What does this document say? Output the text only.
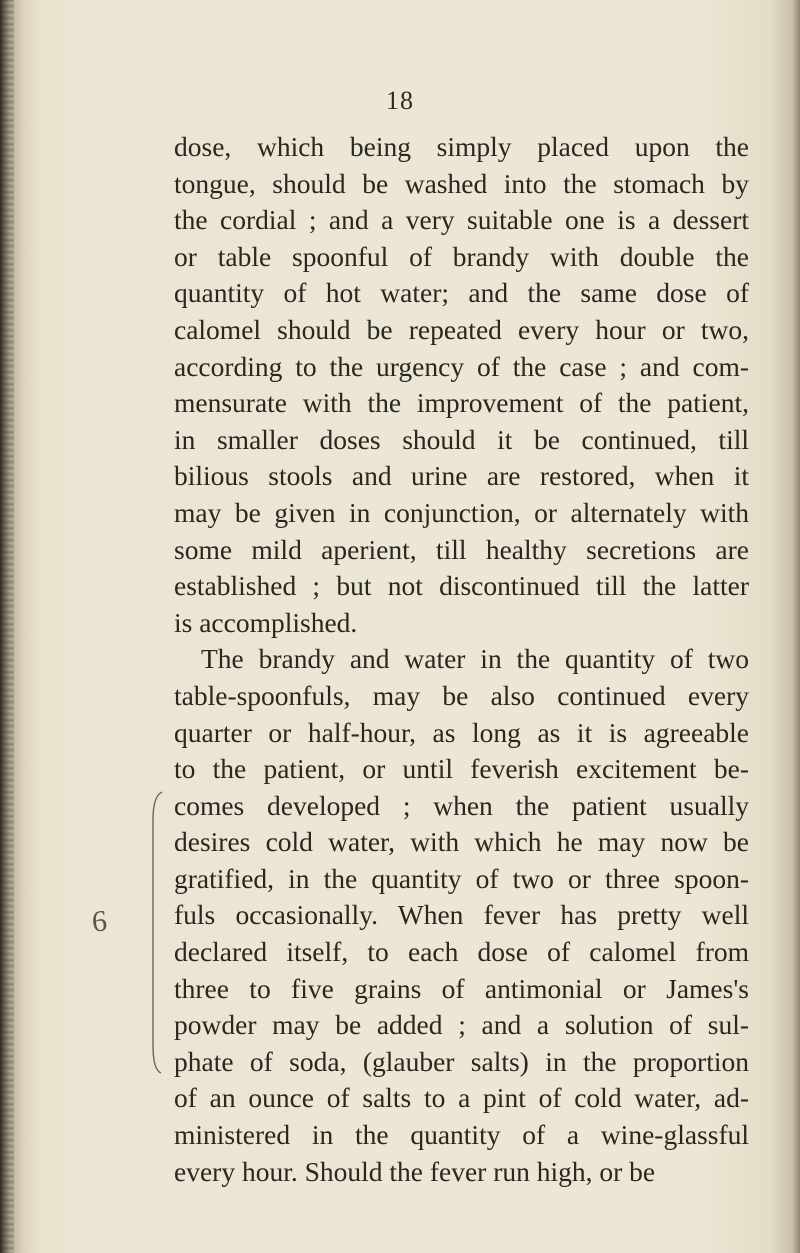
18
dose, which being simply placed upon the
tongue, should be washed into the stomach by
the cordial ; and a very suitable one is a dessert
or table spoonful of brandy with double the
quantity of hot water; and the same dose of
calomel should be repeated every hour or two,
according to the urgency of the case ; and com-
mensurate with the improvement of the patient,
in smaller doses should it be continued, till
bilious stools and urine are restored, when it
may be given in conjunction, or alternately with
some mild aperient, till healthy secretions are
established ; but not discontinued till the latter
is accomplished.
The brandy and water in the quantity of two
table-spoonfuls, may be also continued every
quarter or half-hour, as long as it is agreeable
to the patient, or until feverish excitement be-
comes developed ; when the patient usually
desires cold water, with which he may now be
gratified, in the quantity of two or three spoon-
fuls occasionally. When fever has pretty well
declared itself, to each dose of calomel from
three to five grains of antimonial or James's
powder may be added ; and a solution of sul-
phate of soda, (glauber salts) in the proportion
of an ounce of salts to a pint of cold water, ad-
ministered in the quantity of a wine-glassful
every hour. Should the fever run high, or be
6
